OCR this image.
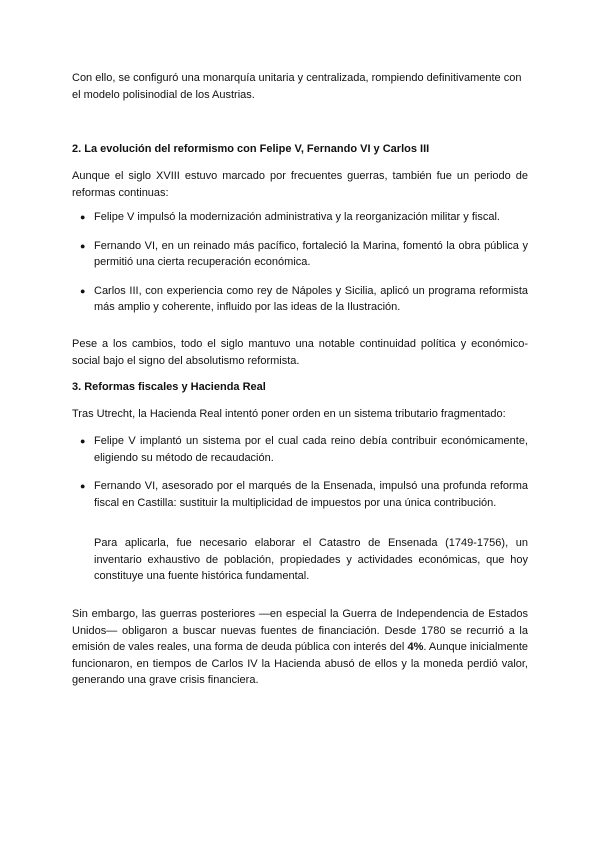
Con ello, se configuró una monarquía unitaria y centralizada, rompiendo definitivamente con el modelo polisinodial de los Austrias.

2. La evolución del reformismo con Felipe V, Fernando VI y Carlos III

Aunque el siglo XVIII estuvo marcado por frecuentes guerras, también fue un periodo de reformas continuas:

● Felipe V impulsó la modernización administrativa y la reorganización militar y fiscal.
● Fernando VI, en un reinado más pacífico, fortaleció la Marina, fomentó la obra pública y permitió una cierta recuperación económica.
● Carlos III, con experiencia como rey de Nápoles y Sicilia, aplicó un programa reformista más amplio y coherente, influido por las ideas de la Ilustración.

Pese a los cambios, todo el siglo mantuvo una notable continuidad política y económico-social bajo el signo del absolutismo reformista.

3. Reformas fiscales y Hacienda Real

Tras Utrecht, la Hacienda Real intentó poner orden en un sistema tributario fragmentado:

● Felipe V implantó un sistema por el cual cada reino debía contribuir económicamente, eligiendo su método de recaudación.
● Fernando VI, asesorado por el marqués de la Ensenada, impulsó una profunda reforma fiscal en Castilla: sustituir la multiplicidad de impuestos por una única contribución.

Para aplicarla, fue necesario elaborar el Catastro de Ensenada (1749-1756), un inventario exhaustivo de población, propiedades y actividades económicas, que hoy constituye una fuente histórica fundamental.

Sin embargo, las guerras posteriores —en especial la Guerra de Independencia de Estados Unidos— obligaron a buscar nuevas fuentes de financiación. Desde 1780 se recurrió a la emisión de vales reales, una forma de deuda pública con interés del 4%. Aunque inicialmente funcionaron, en tiempos de Carlos IV la Hacienda abusó de ellos y la moneda perdió valor, generando una grave crisis financiera.
